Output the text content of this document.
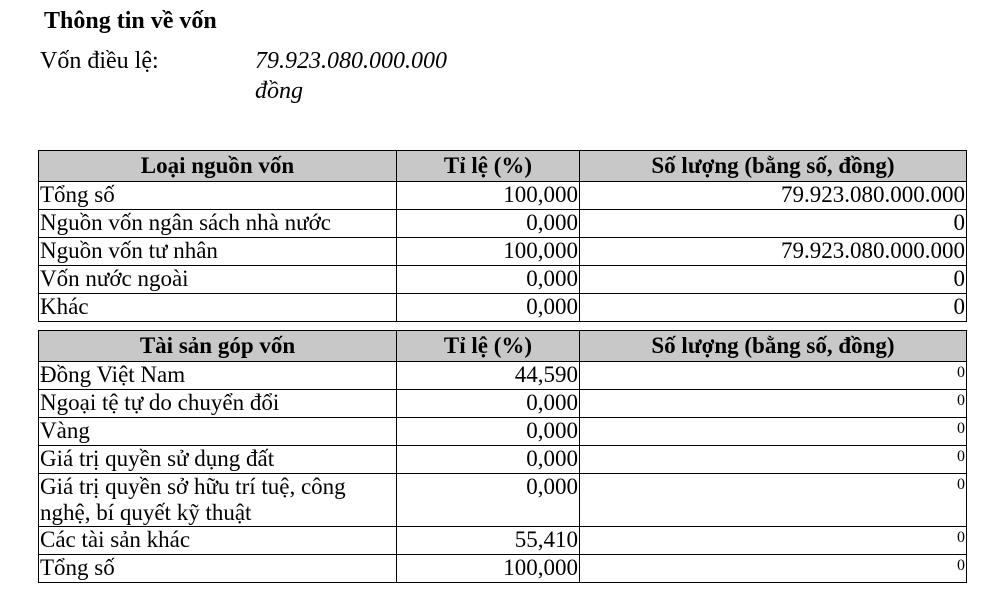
Thông tin về vốn
Vốn điều lệ:	79.923.080.000.000 đồng
Loại nguồn vốn	Tỉ lệ (%)	Số lượng (bằng số, đồng)
Tổng số	100,000	79.923.080.000.000
Nguồn vốn ngân sách nhà nước	0,000	0
Nguồn vốn tư nhân	100,000	79.923.080.000.000
Vốn nước ngoài	0,000	0
Khác	0,000	0
Tài sản góp vốn	Tỉ lệ (%)	Số lượng (bằng số, đồng)
Đồng Việt Nam	44,590	0
Ngoại tệ tự do chuyển đổi	0,000	0
Vàng	0,000	0
Giá trị quyền sử dụng đất	0,000	0
Giá trị quyền sở hữu trí tuệ, công nghệ, bí quyết kỹ thuật	0,000	0
Các tài sản khác	55,410	0
Tổng số	100,000	0
